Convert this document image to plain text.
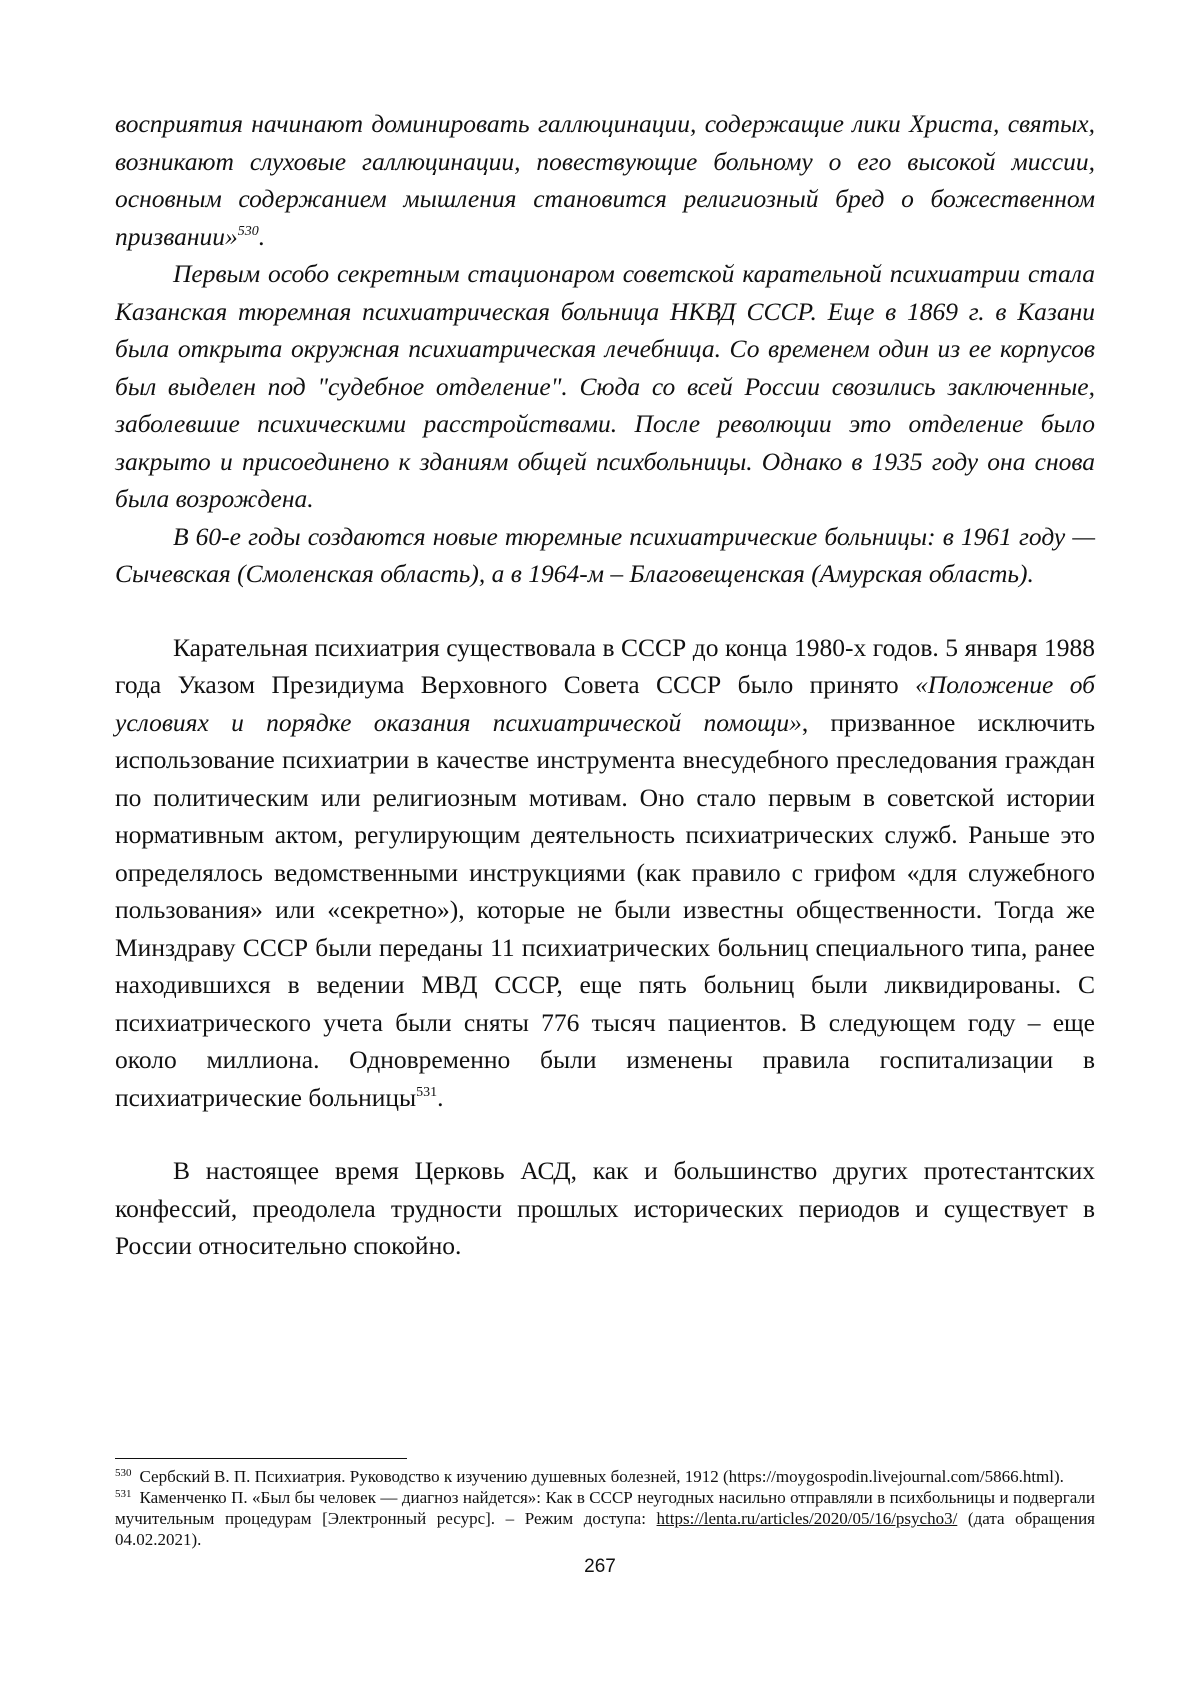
восприятия начинают доминировать галлюцинации, содержащие лики Христа, святых, возникают слуховые галлюцинации, повествующие больному о его высокой миссии, основным содержанием мышления становится религиозный бред о божественном призвании»$^{530}$.

Первым особо секретным стационаром советской карательной психиатрии стала Казанская тюремная психиатрическая больница НКВД СССР. Еще в 1869 г. в Казани была открыта окружная психиатрическая лечебница. Со временем один из ее корпусов был выделен под "судебное отделение". Сюда со всей России свозились заключенные, заболевшие психическими расстройствами. После революции это отделение было закрыто и присоединено к зданиям общей психбольницы. Однако в 1935 году она снова была возрождена.

В 60-е годы создаются новые тюремные психиатрические больницы: в 1961 году — Сычевская (Смоленская область), а в 1964-м – Благовещенская (Амурская область).

Карательная психиатрия существовала в СССР до конца 1980-х годов. 5 января 1988 года Указом Президиума Верховного Совета СССР было принято «Положение об условиях и порядке оказания психиатрической помощи», призванное исключить использование психиатрии в качестве инструмента внесудебного преследования граждан по политическим или религиозным мотивам. Оно стало первым в советской истории нормативным актом, регулирующим деятельность психиатрических служб. Раньше это определялось ведомственными инструкциями (как правило с грифом «для служебного пользования» или «секретно»), которые не были известны общественности. Тогда же Минздраву СССР были переданы 11 психиатрических больниц специального типа, ранее находившихся в ведении МВД СССР, еще пять больниц были ликвидированы. С психиатрического учета были сняты 776 тысяч пациентов. В следующем году – еще около миллиона. Одновременно были изменены правила госпитализации в психиатрические больницы$^{531}$.

В настоящее время Церковь АСД, как и большинство других протестантских конфессий, преодолела трудности прошлых исторических периодов и существует в России относительно спокойно.

$^{530}$ Сербский В. П. Психиатрия. Руководство к изучению душевных болезней, 1912 (https://moygospodin.livejournal.com/5866.html).

$^{531}$ Каменченко П. «Был бы человек — диагноз найдется»: Как в СССР неугодных насильно отправляли в психбольницы и подвергали мучительным процедурам [Электронный ресурс]. – Режим доступа: https://lenta.ru/articles/2020/05/16/psycho3/ (дата обращения 04.02.2021).

267
